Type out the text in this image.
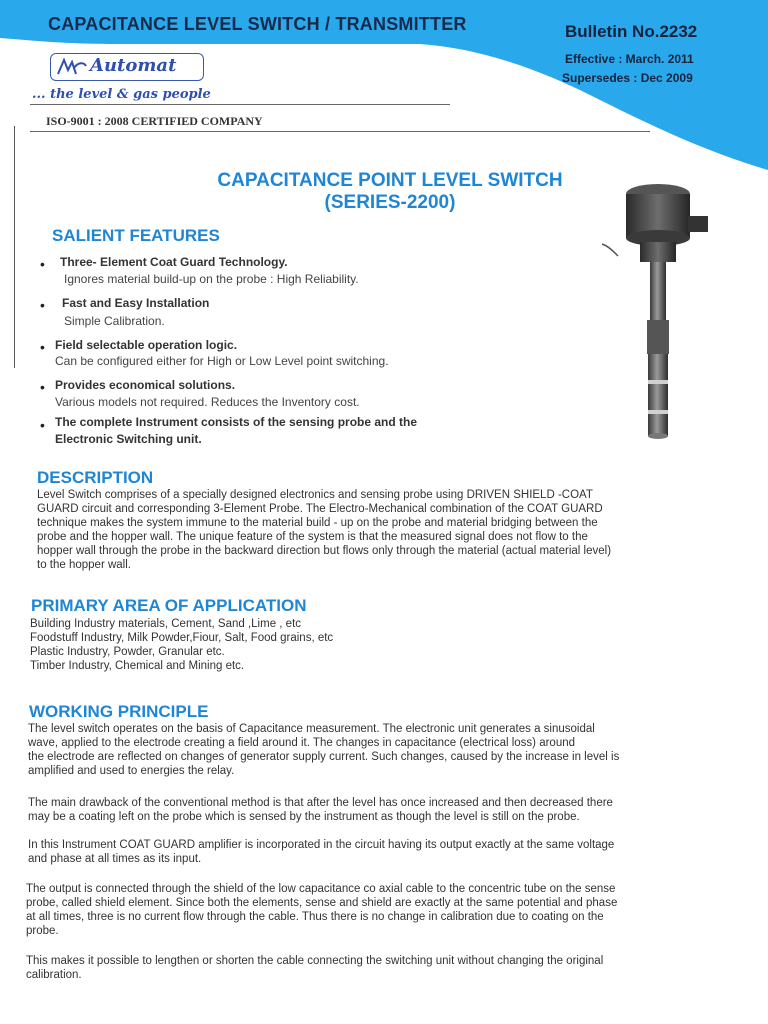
CAPACITANCE LEVEL SWITCH / TRANSMITTER	Bulletin No.2232
Effective : March. 2011
Supersedes : Dec 2009
Automat
... the level & gas people
ISO-9001 : 2008 CERTIFIED COMPANY
CAPACITANCE POINT LEVEL SWITCH
(SERIES-2200)
SALIENT FEATURES
• Three- Element Coat Guard Technology.
Ignores material build-up on the probe : High Reliability.
• Fast and Easy Installation
Simple Calibration.
• Field selectable operation logic.
Can be configured either for High or Low Level point switching.
• Provides economical solutions.
Various models not required. Reduces the Inventory cost.
• The complete Instrument consists of the sensing probe and the
Electronic Switching unit.
DESCRIPTION
Level Switch comprises of a specially designed electronics and sensing probe using DRIVEN SHIELD -COAT
GUARD circuit and corresponding 3-Element Probe. The Electro-Mechanical combination of the COAT GUARD
technique makes the system immune to the material build - up on the probe and material bridging between the
probe and the hopper wall. The unique feature of the system is that the measured signal does not flow to the
hopper wall through the probe in the backward direction but flows only through the material (actual material level)
to the hopper wall.
PRIMARY AREA OF APPLICATION
Building Industry materials, Cement, Sand ,Lime , etc
Foodstuff Industry, Milk Powder,Fiour, Salt, Food grains, etc
Plastic Industry, Powder, Granular etc.
Timber Industry, Chemical and Mining etc.
WORKING PRINCIPLE
The level switch operates on the basis of Capacitance measurement. The electronic unit generates a sinusoidal
wave, applied to the electrode creating a field around it. The changes in capacitance (electrical loss) around
the electrode are reflected on changes of generator supply current. Such changes, caused by the increase in level is
amplified and used to energies the relay.
The main drawback of the conventional method is that after the level has once increased and then decreased there
may be a coating left on the probe which is sensed by the instrument as though the level is still on the probe.
In this Instrument COAT GUARD amplifier is incorporated in the circuit having its output exactly at the same voltage
and phase at all times as its input.
The output is connected through the shield of the low capacitance co axial cable to the concentric tube on the sense
probe, called shield element. Since both the elements, sense and shield are exactly at the same potential and phase
at all times, three is no current flow through the cable. Thus there is no change in calibration due to coating on the
probe.
This makes it possible to lengthen or shorten the cable connecting the switching unit without changing the original
calibration.
